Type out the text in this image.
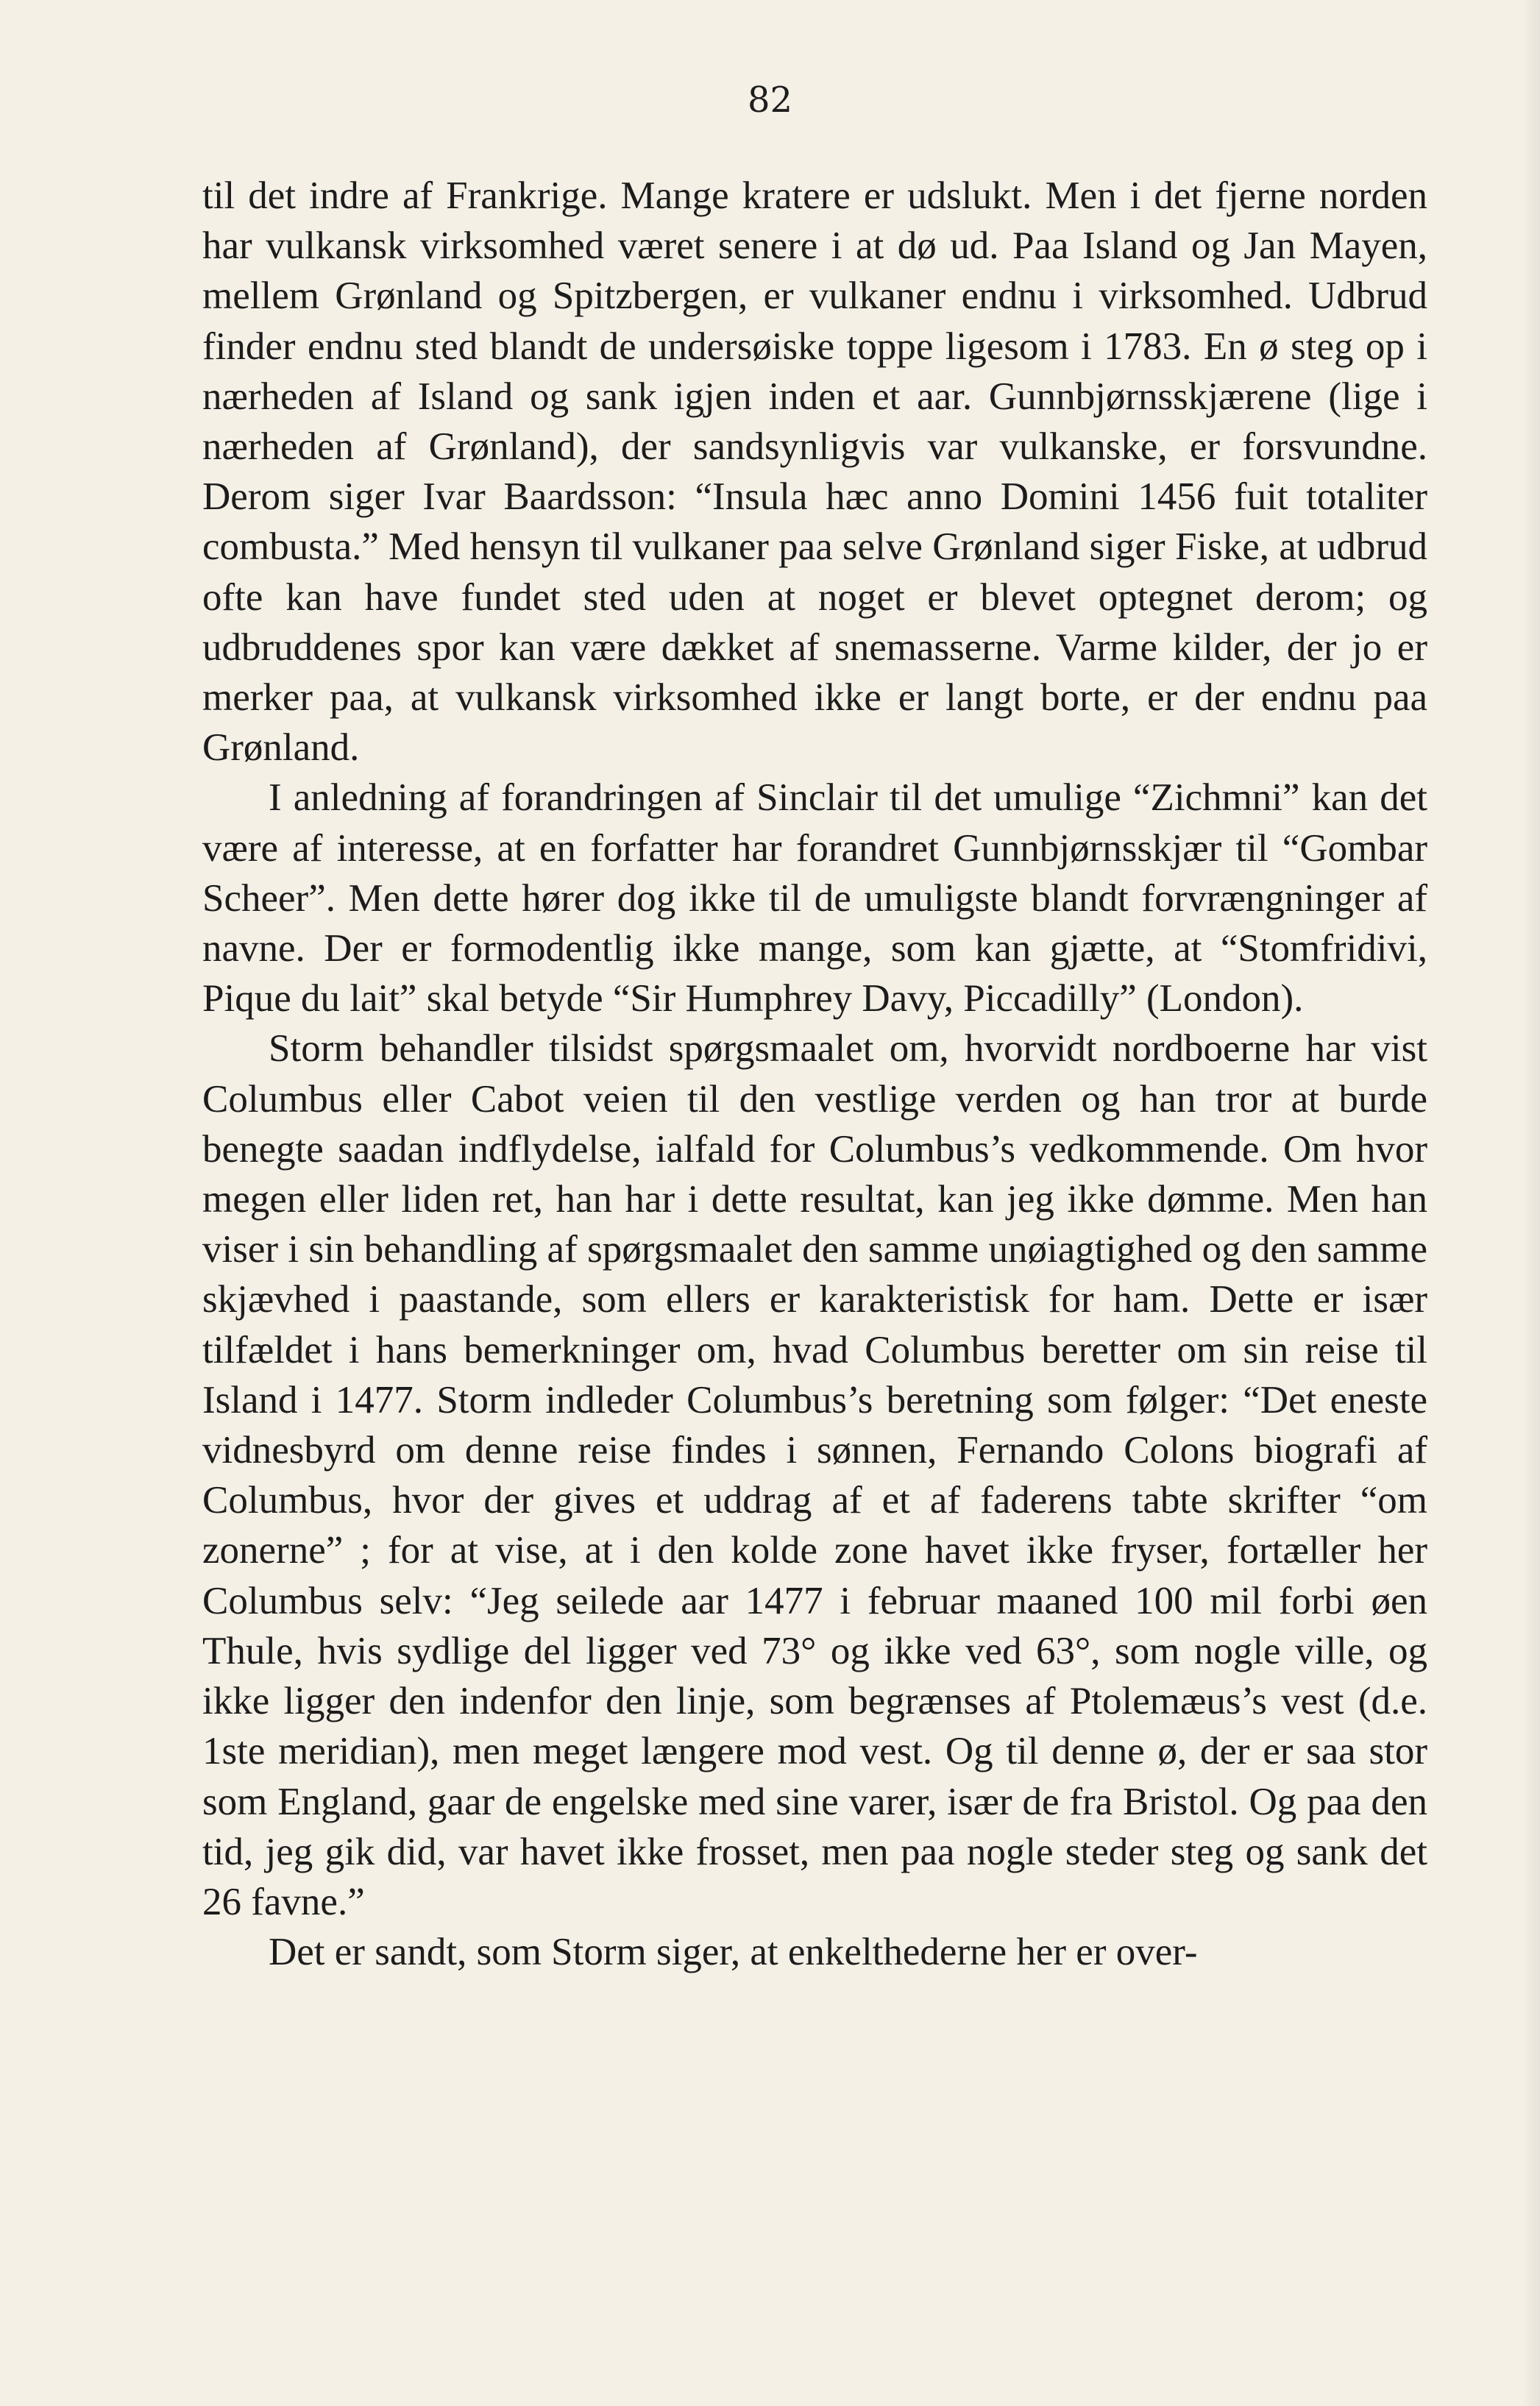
82

til det indre af Frankrige. Mange kratere er udslukt. Men i det fjerne norden har vulkansk virksomhed været senere i at dø ud. Paa Island og Jan Mayen, mellem Grønland og Spitzbergen, er vulkaner endnu i virksomhed. Udbrud finder endnu sted blandt de undersøiske toppe ligesom i 1783. En ø steg op i nærheden af Island og sank igjen inden et aar. Gunnbjørnsskjærene (lige i nærheden af Grønland), der sandsynligvis var vulkanske, er forsvundne. Derom siger Ivar Baardsson: “Insula hæc anno Domini 1456 fuit totaliter combusta.” Med hensyn til vulkaner paa selve Grønland siger Fiske, at udbrud ofte kan have fundet sted uden at noget er blevet optegnet derom; og udbruddenes spor kan være dækket af snemasserne. Varme kilder, der jo er merker paa, at vulkansk virksomhed ikke er langt borte, er der endnu paa Grønland.

I anledning af forandringen af Sinclair til det umulige “Zichmni” kan det være af interesse, at en forfatter har forandret Gunnbjørnsskjær til “Gombar Scheer”. Men dette hører dog ikke til de umuligste blandt forvrængninger af navne. Der er formodentlig ikke mange, som kan gjætte, at “Stomfridivi, Pique du lait” skal betyde “Sir Humphrey Davy, Piccadilly” (London).

Storm behandler tilsidst spørgsmaalet om, hvorvidt nordboerne har vist Columbus eller Cabot veien til den vestlige verden og han tror at burde benegte saadan indflydelse, ialfald for Columbus’s vedkommende. Om hvor megen eller liden ret, han har i dette resultat, kan jeg ikke dømme. Men han viser i sin behandling af spørgsmaalet den samme unøiagtighed og den samme skjævhed i paastande, som ellers er karakteristisk for ham. Dette er især tilfældet i hans bemerkninger om, hvad Columbus beretter om sin reise til Island i 1477. Storm indleder Columbus’s beretning som følger: “Det eneste vidnesbyrd om denne reise findes i sønnen, Fernando Colons biografi af Columbus, hvor der gives et uddrag af et af faderens tabte skrifter “om zonerne” ; for at vise, at i den kolde zone havet ikke fryser, fortæller her Columbus selv: “Jeg seilede aar 1477 i februar maaned 100 mil forbi øen Thule, hvis sydlige del ligger ved 73° og ikke ved 63°, som nogle ville, og ikke ligger den indenfor den linje, som begrænses af Ptolemæus’s vest (d.e. 1ste meridian), men meget længere mod vest. Og til denne ø, der er saa stor som England, gaar de engelske med sine varer, især de fra Bristol. Og paa den tid, jeg gik did, var havet ikke frosset, men paa nogle steder steg og sank det 26 favne.”

Det er sandt, som Storm siger, at enkelthederne her er over-
